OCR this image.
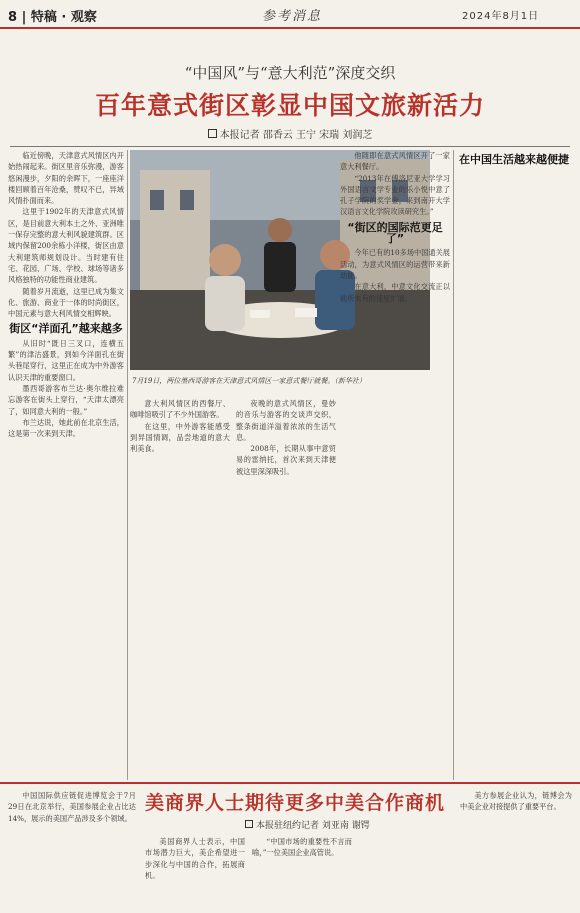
8 | 特稿 · 观察	参考消息	2024年8月1日
“中国风”与“意大利范”深度交织
百年意式街区彰显中国文旅新活力
本报记者 邵香云 王宁 宋瑞 刘润芝

临近傍晚，天津意式风情区内开始热闹起来。街区里音乐弥漫，游客悠闲漫步，夕阳的余晖下，一座座洋楼回顾着百年沧桑，赞叹不已，异域风情扑面而来。

这里于1902年的天津意式风情区，是目前意大利本土之外、亚洲唯一保存完整的意大利风貌建筑群。区域内保留200余栋小洋楼，街区由意大利建筑师规划设计。当时建有住宅、花园、广场、学校、球场等诸多风格独特的功能性商业建筑。

随着岁月流逝，这里已成为集文化、旅游、商业于一体的时尚街区，中国元素与意大利风情交相辉映。

街区“洋面孔”越来越多

从旧时“既日三叉口，连横五繁”的津沽盛景，到如今洋面孔在街头巷尾穿行，这里正在成为中外游客认识天津的重要窗口。

墨西哥游客布兰达·奥尔维拉难忘游客在街头上穿行，“天津太漂亮了，如同意大利的一般。”

布兰达说，她此前在北京生活，这是第一次来到天津。

7月19日，两位墨西哥游客在天津意式风情区一家意式餐厅就餐。（新华社）

意大利风情区的西餐厅、咖啡馆吸引了不少外国游客。

在这里，中外游客能感受到异国情调，品尝地道的意大利美食。

夜晚的意式风情区，曼妙的音乐与游客的交谈声交织，整条街道洋溢着浓浓的生活气息。

2008年，长期从事中意贸易的雷纳托，首次来到天津便被这里深深吸引。

他随即在意式风情区开了一家意大利餐厅。

“2013年在傅洛尼亚大学学习外国语言文学专业的乐小悦中意了孔子学院的奖学金，来到南开大学汉语言文化学院攻读研究生。”

“街区的国际范更足了”

今年已有的10多场中国通关展活动，为意式风情区的运营带来新动能。

在意大利，中意文化交流正以前所未有的速度扩展。

在中国生活越来越便捷
美商界人士期待更多中美合作商机
本报驻纽约记者 刘亚南 谢锷

中国国际供应链促进博览会于7月29日在北京举行，美国参展企业占比达14%，展示的美国产品涉及多个领域。

美国商界人士表示，中国市场潜力巨大，美企希望进一步深化与中国的合作，拓展商机。

“中国市场的重要性不言而喻，”一位美国企业高管说。

美方参展企业认为，链博会为中美企业对接提供了重要平台。
